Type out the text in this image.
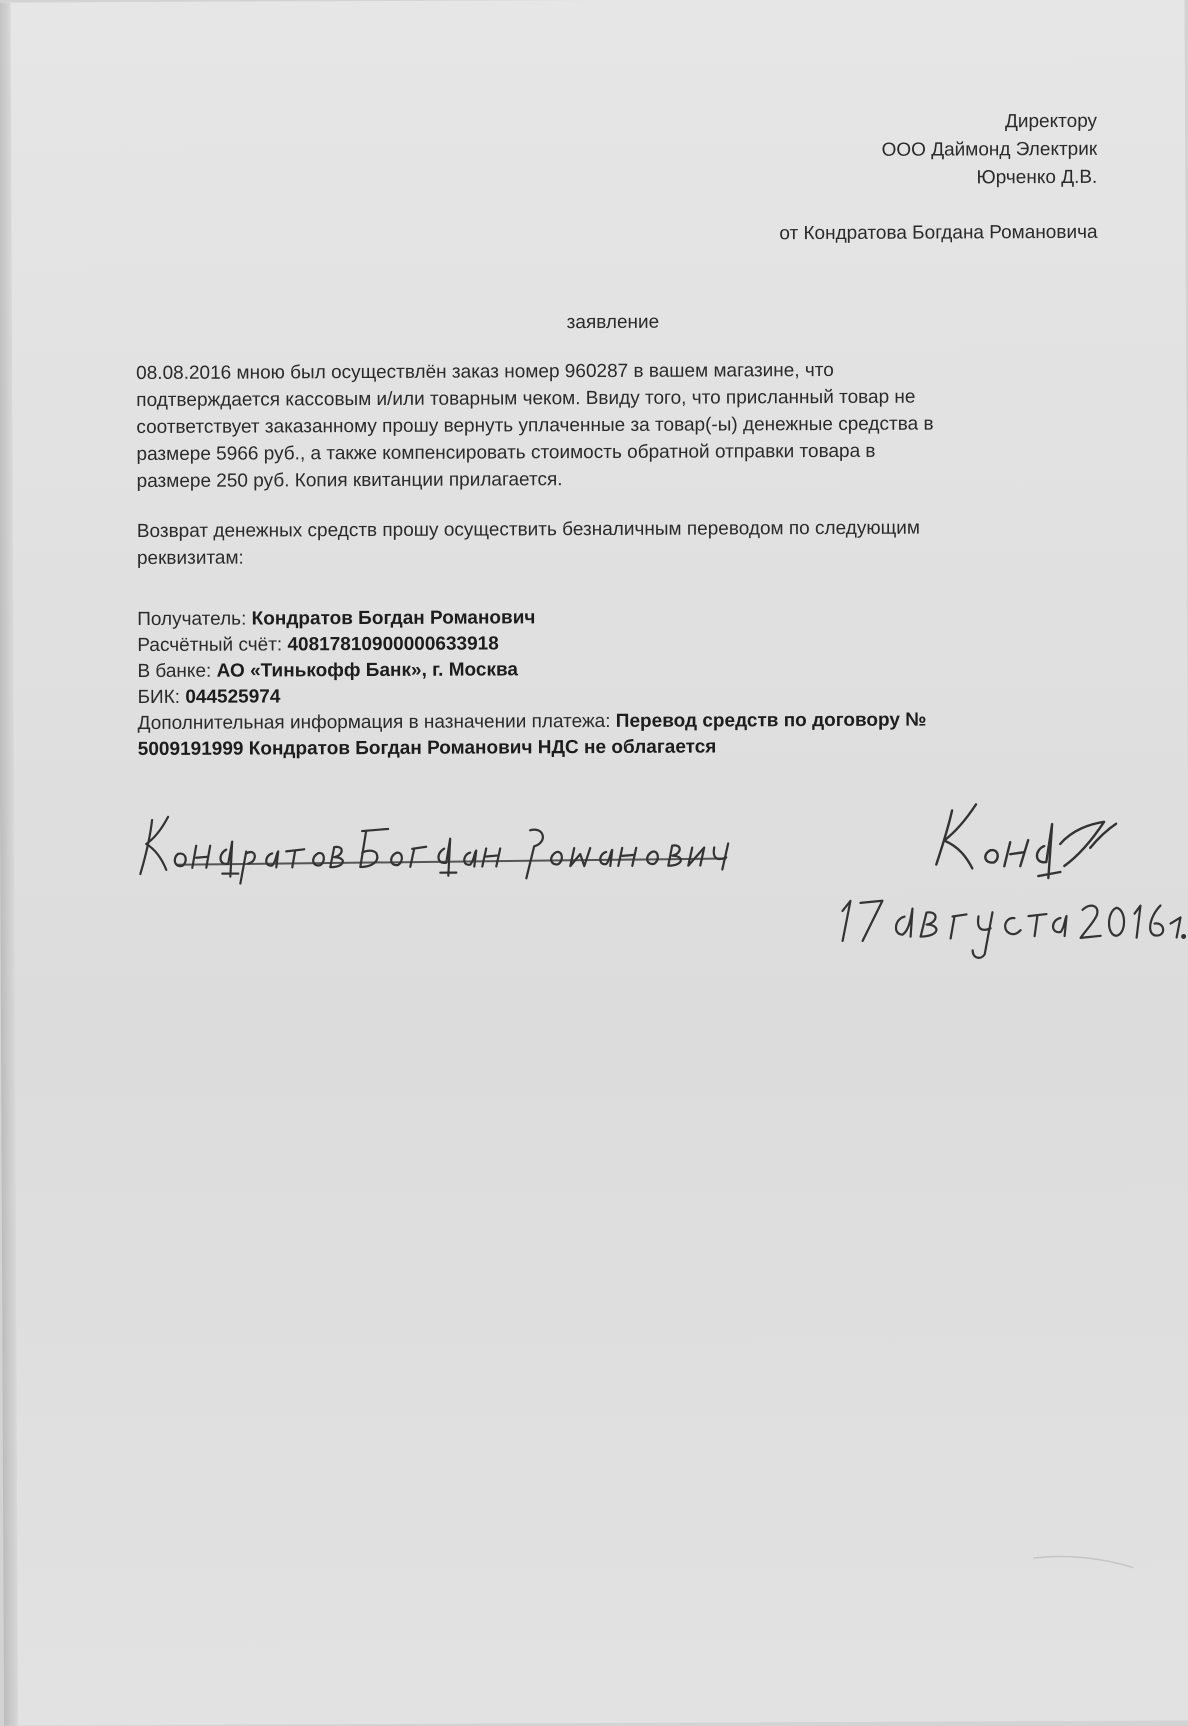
Директору
ООО Даймонд Электрик
Юрченко Д.В.
от Кондратова Богдана Романовича
заявление
08.08.2016 мною был осуществлён заказ номер 960287 в вашем магазине, что
подтверждается кассовым и/или товарным чеком. Ввиду того, что присланный товар не
соответствует заказанному прошу вернуть уплаченные за товар(-ы) денежные средства в
размере 5966 руб., а также компенсировать стоимость обратной отправки товара в
размере 250 руб. Копия квитанции прилагается.
Возврат денежных средств прошу осуществить безналичным переводом по следующим
реквизитам:
Получатель: Кондратов Богдан Романович
Расчётный счёт: 40817810900000633918
В банке: АО «Тинькофф Банк», г. Москва
БИК: 044525974
Дополнительная информация в назначении платежа: Перевод средств по договору №
5009191999 Кондратов Богдан Романович НДС не облагается
